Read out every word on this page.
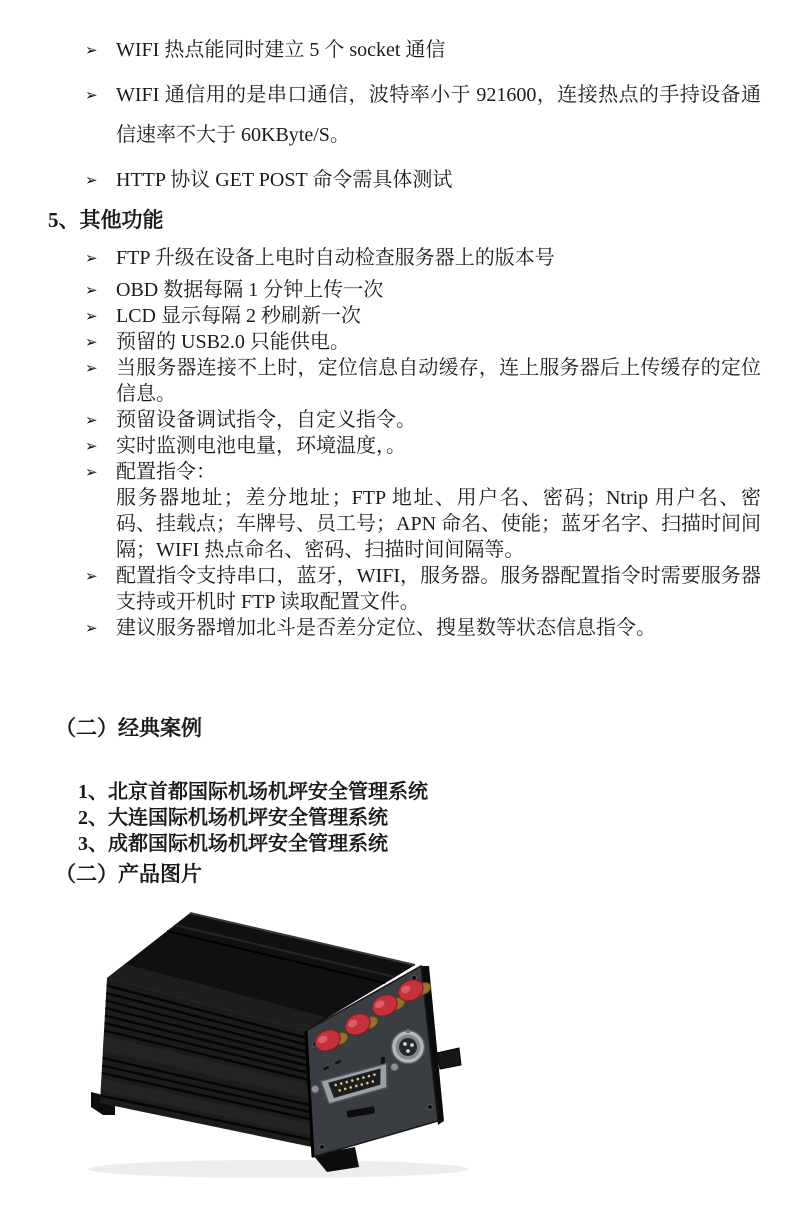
➢ WIFI 热点能同时建立 5 个 socket 通信
➢ WIFI 通信用的是串口通信，波特率小于 921600，连接热点的手持设备通信速率不大于 60KByte/S。
➢ HTTP 协议 GET POST 命令需具体测试
5、其他功能
➢ FTP 升级在设备上电时自动检查服务器上的版本号
➢ OBD 数据每隔 1 分钟上传一次
➢ LCD 显示每隔 2 秒刷新一次
➢ 预留的 USB2.0 只能供电。
➢ 当服务器连接不上时，定位信息自动缓存，连上服务器后上传缓存的定位信息。
➢ 预留设备调试指令，自定义指令。
➢ 实时监测电池电量，环境温度，。
➢ 配置指令：
服务器地址；差分地址；FTP 地址、用户名、密码；Ntrip 用户名、密码、挂载点；车牌号、员工号；APN 命名、使能；蓝牙名字、扫描时间间隔；WIFI 热点命名、密码、扫描时间间隔等。
➢ 配置指令支持串口，蓝牙，WIFI，服务器。服务器配置指令时需要服务器支持或开机时 FTP 读取配置文件。
➢ 建议服务器增加北斗是否差分定位、搜星数等状态信息指令。
（二）经典案例
1、北京首都国际机场机坪安全管理系统
2、大连国际机场机坪安全管理系统
3、成都国际机场机坪安全管理系统
（二）产品图片
